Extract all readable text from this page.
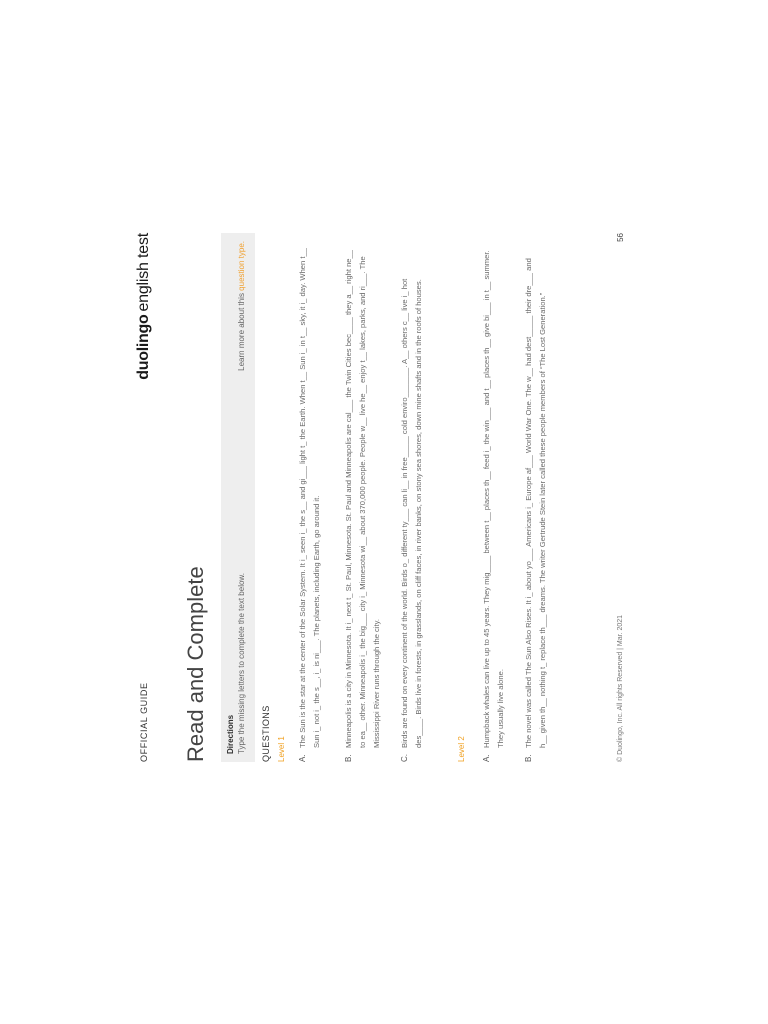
OFFICIAL GUIDE
duolingoenglish test
Read and Complete Directions Type the missing letters to complete the text below.
Learn more about this question type.
QUESTIONS Level 1 A.
The Sun is the star at the center of the Solar System. It i_ seen i_ the s__ and gi___ light t_ the Earth. When t__ Sun i_ in t__ sky, it i_ day. When t__ Sun i_ not i_ the s__, i_ is ni___. The planets, including Earth, go around it.
B.
Minneapolis is a city in Minnesota. It i_ next t_ St. Paul, Minnesota. St. Paul and Minneapolis are cal___ the Twin Cities bec____ they a__ right ne__ to ea__ other. Minneapolis i_ the big___ city i_ Minnesota wi__ about 370,000 people. People w__ live he__ enjoy t__ lakes, parks, and ri___. The Mississippi River runs through the city.
C.
Birds are found on every continent of the world. Birds o_ different ty___ can li__ in free_____ cold enviro_______. A__ others c__ live i_ hot des____. Birds live in forests, in grasslands, on cliff faces, in river banks, on stony sea shores, down mine shafts and in the roofs of houses.
Level 2 A.
Humpback whales can live up to 45 years. They mig____ between t__ places th__ feed i_ the win___ and t__ places th__ give bi___ in t__ summer. They usually live alone.
B.
The novel was called The Sun Also Rises. It i_ about yo___ Americans i_ Europe af___ World War One. The w__ had dest_____ their dre___ and h__ given th__ nothing t_ replace th___ dreams. The writer Gertrude Stein later called these people members of “The Lost Generation.”	© Duolingo, Inc. All rights Reserved | Mar. 2021
56
